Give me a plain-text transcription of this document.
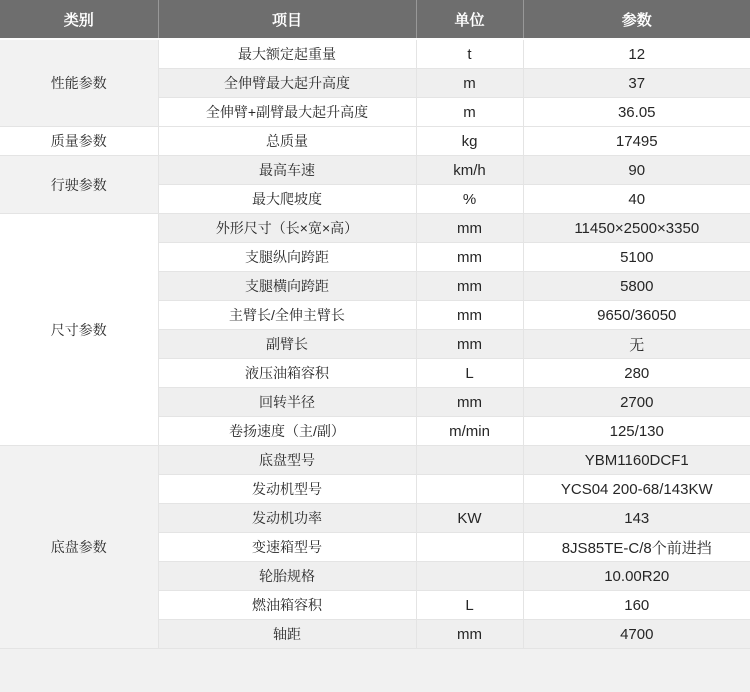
类别	项目	单位	参数
性能参数	最大额定起重量	t	12
	全伸臂最大起升高度	m	37
	全伸臂+副臂最大起升高度	m	36.05
质量参数	总质量	kg	17495
行驶参数	最高车速	km/h	90
	最大爬坡度	%	40
尺寸参数	外形尺寸（长×宽×高）	mm	11450×2500×3350
	支腿纵向跨距	mm	5100
	支腿横向跨距	mm	5800
	主臂长/全伸主臂长	mm	9650/36050
	副臂长	mm	无
	液压油箱容积	L	280
	回转半径	mm	2700
	卷扬速度（主/副）	m/min	125/130
底盘参数	底盘型号		YBM1160DCF1
	发动机型号		YCS04 200-68/143KW
	发动机功率	KW	143
	变速箱型号		8JS85TE-C/8个前进挡
	轮胎规格		10.00R20
	燃油箱容积	L	160
	轴距	mm	4700
